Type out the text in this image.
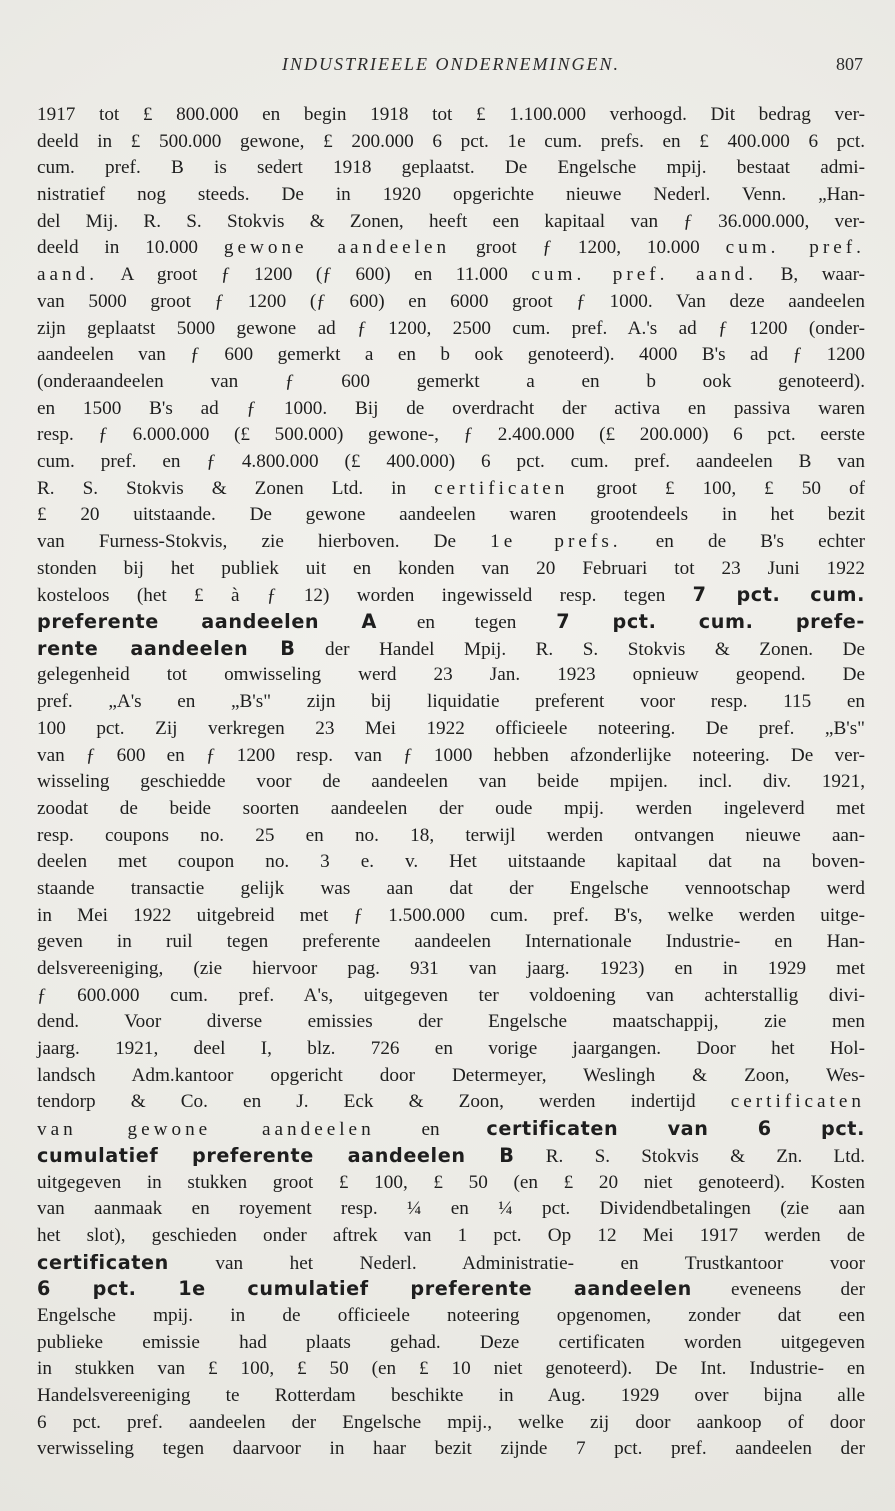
INDUSTRIEELE ONDERNEMINGEN.	807
1917 tot £ 800.000 en begin 1918 tot £ 1.100.000 verhoogd. Dit bedrag ver-
deeld in £ 500.000 gewone, £ 200.000 6 pct. 1e cum. prefs. en £ 400.000 6 pct.
cum. pref. B is sedert 1918 geplaatst. De Engelsche mpij. bestaat admi-
nistratief nog steeds. De in 1920 opgerichte nieuwe Nederl. Venn. „Han-
del Mij. R. S. Stokvis & Zonen, heeft een kapitaal van ƒ 36.000.000, ver-
deeld in 10.000 gewone aandeelen groot ƒ 1200, 10.000 cum. pref.
aand. A groot ƒ 1200 (ƒ 600) en 11.000 cum. pref. aand. B, waar-
van 5000 groot ƒ 1200 (ƒ 600) en 6000 groot ƒ 1000. Van deze aandeelen
zijn geplaatst 5000 gewone ad ƒ 1200, 2500 cum. pref. A.'s ad ƒ 1200 (onder-
aandeelen van ƒ 600 gemerkt a en b ook genoteerd). 4000 B's ad ƒ 1200
(onderaandeelen van ƒ 600 gemerkt a en b ook genoteerd).
en 1500 B's ad ƒ 1000. Bij de overdracht der activa en passiva waren
resp. ƒ 6.000.000 (£ 500.000) gewone-, ƒ 2.400.000 (£ 200.000) 6 pct. eerste
cum. pref. en ƒ 4.800.000 (£ 400.000) 6 pct. cum. pref. aandeelen B van
R. S. Stokvis & Zonen Ltd. in certificaten groot £ 100, £ 50 of
£ 20 uitstaande. De gewone aandeelen waren grootendeels in het bezit
van Furness-Stokvis, zie hierboven. De 1e prefs. en de B's echter
stonden bij het publiek uit en konden van 20 Februari tot 23 Juni 1922
kosteloos (het £ à ƒ 12) worden ingewisseld resp. tegen 7 pct. cum.
preferente aandeelen A en tegen 7 pct. cum. prefe-
rente aandeelen B der Handel Mpij. R. S. Stokvis & Zonen. De
gelegenheid tot omwisseling werd 23 Jan. 1923 opnieuw geopend. De
pref. „A's en „B's" zijn bij liquidatie preferent voor resp. 115 en
100 pct. Zij verkregen 23 Mei 1922 officieele noteering. De pref. „B's"
van ƒ 600 en ƒ 1200 resp. van ƒ 1000 hebben afzonderlijke noteering. De ver-
wisseling geschiedde voor de aandeelen van beide mpijen. incl. div. 1921,
zoodat de beide soorten aandeelen der oude mpij. werden ingeleverd met
resp. coupons no. 25 en no. 18, terwijl werden ontvangen nieuwe aan-
deelen met coupon no. 3 e. v. Het uitstaande kapitaal dat na boven-
staande transactie gelijk was aan dat der Engelsche vennootschap werd
in Mei 1922 uitgebreid met ƒ 1.500.000 cum. pref. B's, welke werden uitge-
geven in ruil tegen preferente aandeelen Internationale Industrie- en Han-
delsvereeniging, (zie hiervoor pag. 931 van jaarg. 1923) en in 1929 met
ƒ 600.000 cum. pref. A's, uitgegeven ter voldoening van achterstallig divi-
dend. Voor diverse emissies der Engelsche maatschappij, zie men
jaarg. 1921, deel I, blz. 726 en vorige jaargangen. Door het Hol-
landsch Adm.kantoor opgericht door Determeyer, Weslingh & Zoon, Wes-
tendorp & Co. en J. Eck & Zoon, werden indertijd certificaten
van gewone aandeelen en certificaten van 6 pct.
cumulatief preferente aandeelen B R. S. Stokvis & Zn. Ltd.
uitgegeven in stukken groot £ 100, £ 50 (en £ 20 niet genoteerd). Kosten
van aanmaak en royement resp. ¼ en ¼ pct. Dividendbetalingen (zie aan
het slot), geschieden onder aftrek van 1 pct. Op 12 Mei 1917 werden de
certificaten van het Nederl. Administratie- en Trustkantoor voor
6 pct. 1e cumulatief preferente aandeelen eveneens der
Engelsche mpij. in de officieele noteering opgenomen, zonder dat een
publieke emissie had plaats gehad. Deze certificaten worden uitgegeven
in stukken van £ 100, £ 50 (en £ 10 niet genoteerd). De Int. Industrie- en
Handelsvereeniging te Rotterdam beschikte in Aug. 1929 over bijna alle
6 pct. pref. aandeelen der Engelsche mpij., welke zij door aankoop of door
verwisseling tegen daarvoor in haar bezit zijnde 7 pct. pref. aandeelen der
